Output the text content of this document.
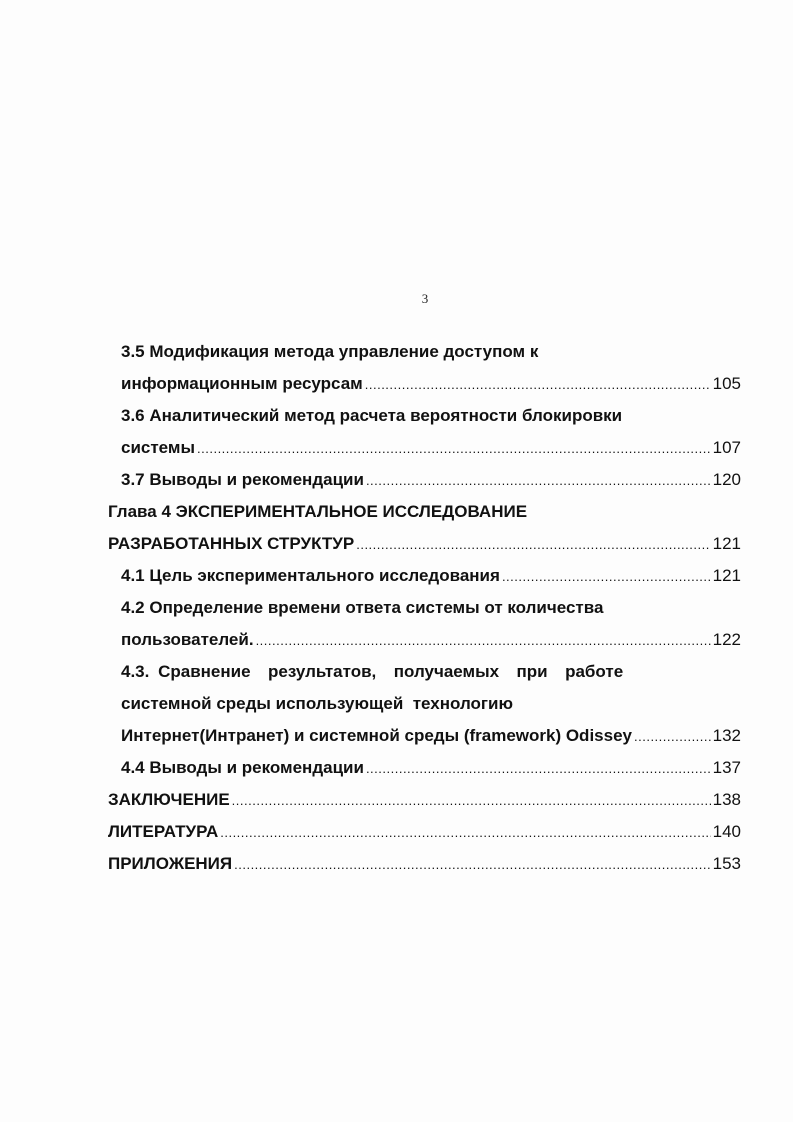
3
3.5 Модификация метода управление доступом к
информационным ресурсам .....	105
3.6 Аналитический метод расчета вероятности блокировки
системы .....	107
3.7 Выводы и рекомендации .....	120
Глава 4 ЭКСПЕРИМЕНТАЛЬНОЕ ИССЛЕДОВАНИЕ
РАЗРАБОТАННЫХ СТРУКТУР .....	121
4.1 Цель экспериментального исследования .....	121
4.2 Определение времени ответа системы от количества
пользователей. .....	122
4.3. Сравнение  результатов,  получаемых  при  работе
системной среды использующей  технологию
Интернет(Интранет) и системной среды (framework) Odissey .....	132
4.4 Выводы и рекомендации .....	137
ЗАКЛЮЧЕНИЕ .....	138
ЛИТЕРАТУРА .....	140
ПРИЛОЖЕНИЯ .....	153
